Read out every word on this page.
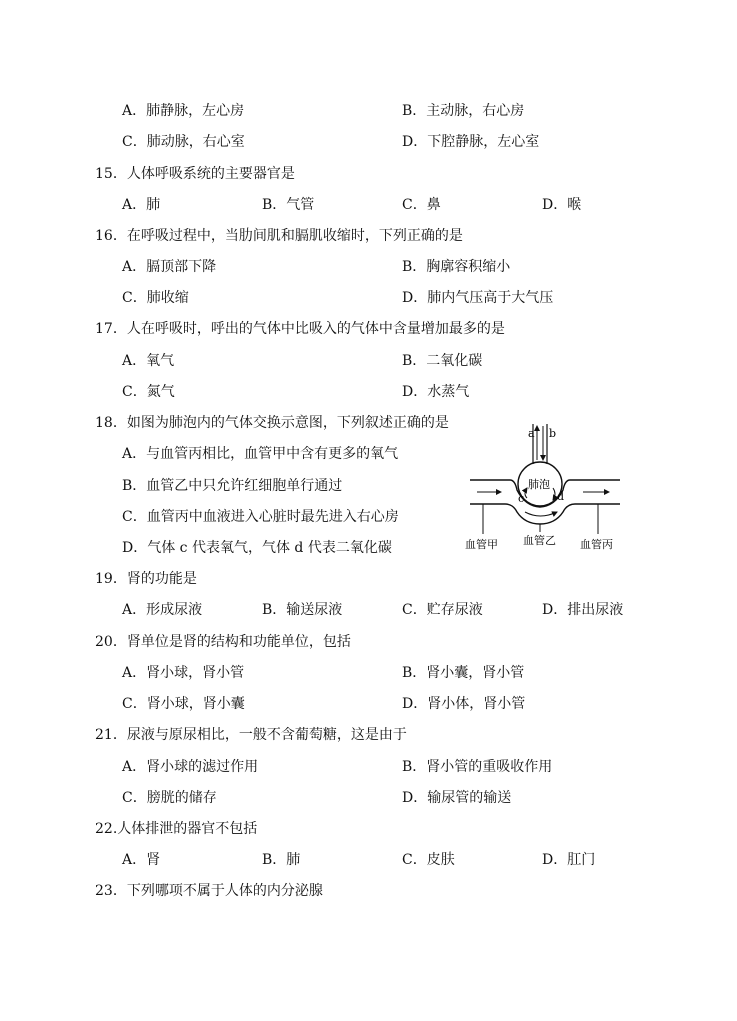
A．肺静脉，左心房	B．主动脉，右心房
C．肺动脉，右心室	D．下腔静脉，左心室
15．人体呼吸系统的主要器官是
A．肺	B．气管	C．鼻	D．喉
16．在呼吸过程中，当肋间肌和膈肌收缩时，下列正确的是
A．膈顶部下降	B．胸廓容积缩小
C．肺收缩	D．肺内气压高于大气压
17．人在呼吸时，呼出的气体中比吸入的气体中含量增加最多的是
A．氧气	B．二氧化碳
C．氮气	D．水蒸气
18．如图为肺泡内的气体交换示意图，下列叙述正确的是
A．与血管丙相比，血管甲中含有更多的氧气
B．血管乙中只允许红细胞单行通过
C．血管丙中血液进入心脏时最先进入右心房
D．气体 c 代表氧气，气体 d 代表二氧化碳
a b
肺泡
c	d
血管甲 血管乙 血管丙
19．肾的功能是
A．形成尿液	B．输送尿液	C．贮存尿液	D．排出尿液
20．肾单位是肾的结构和功能单位，包括
A．肾小球，肾小管	B．肾小囊，肾小管
C．肾小球，肾小囊	D．肾小体，肾小管
21．尿液与原尿相比，一般不含葡萄糖，这是由于
A．肾小球的滤过作用	B．肾小管的重吸收作用
C．膀胱的储存	D．输尿管的输送
22.人体排泄的器官不包括
A．肾	B．肺	C．皮肤	D．肛门
23．下列哪项不属于人体的内分泌腺
